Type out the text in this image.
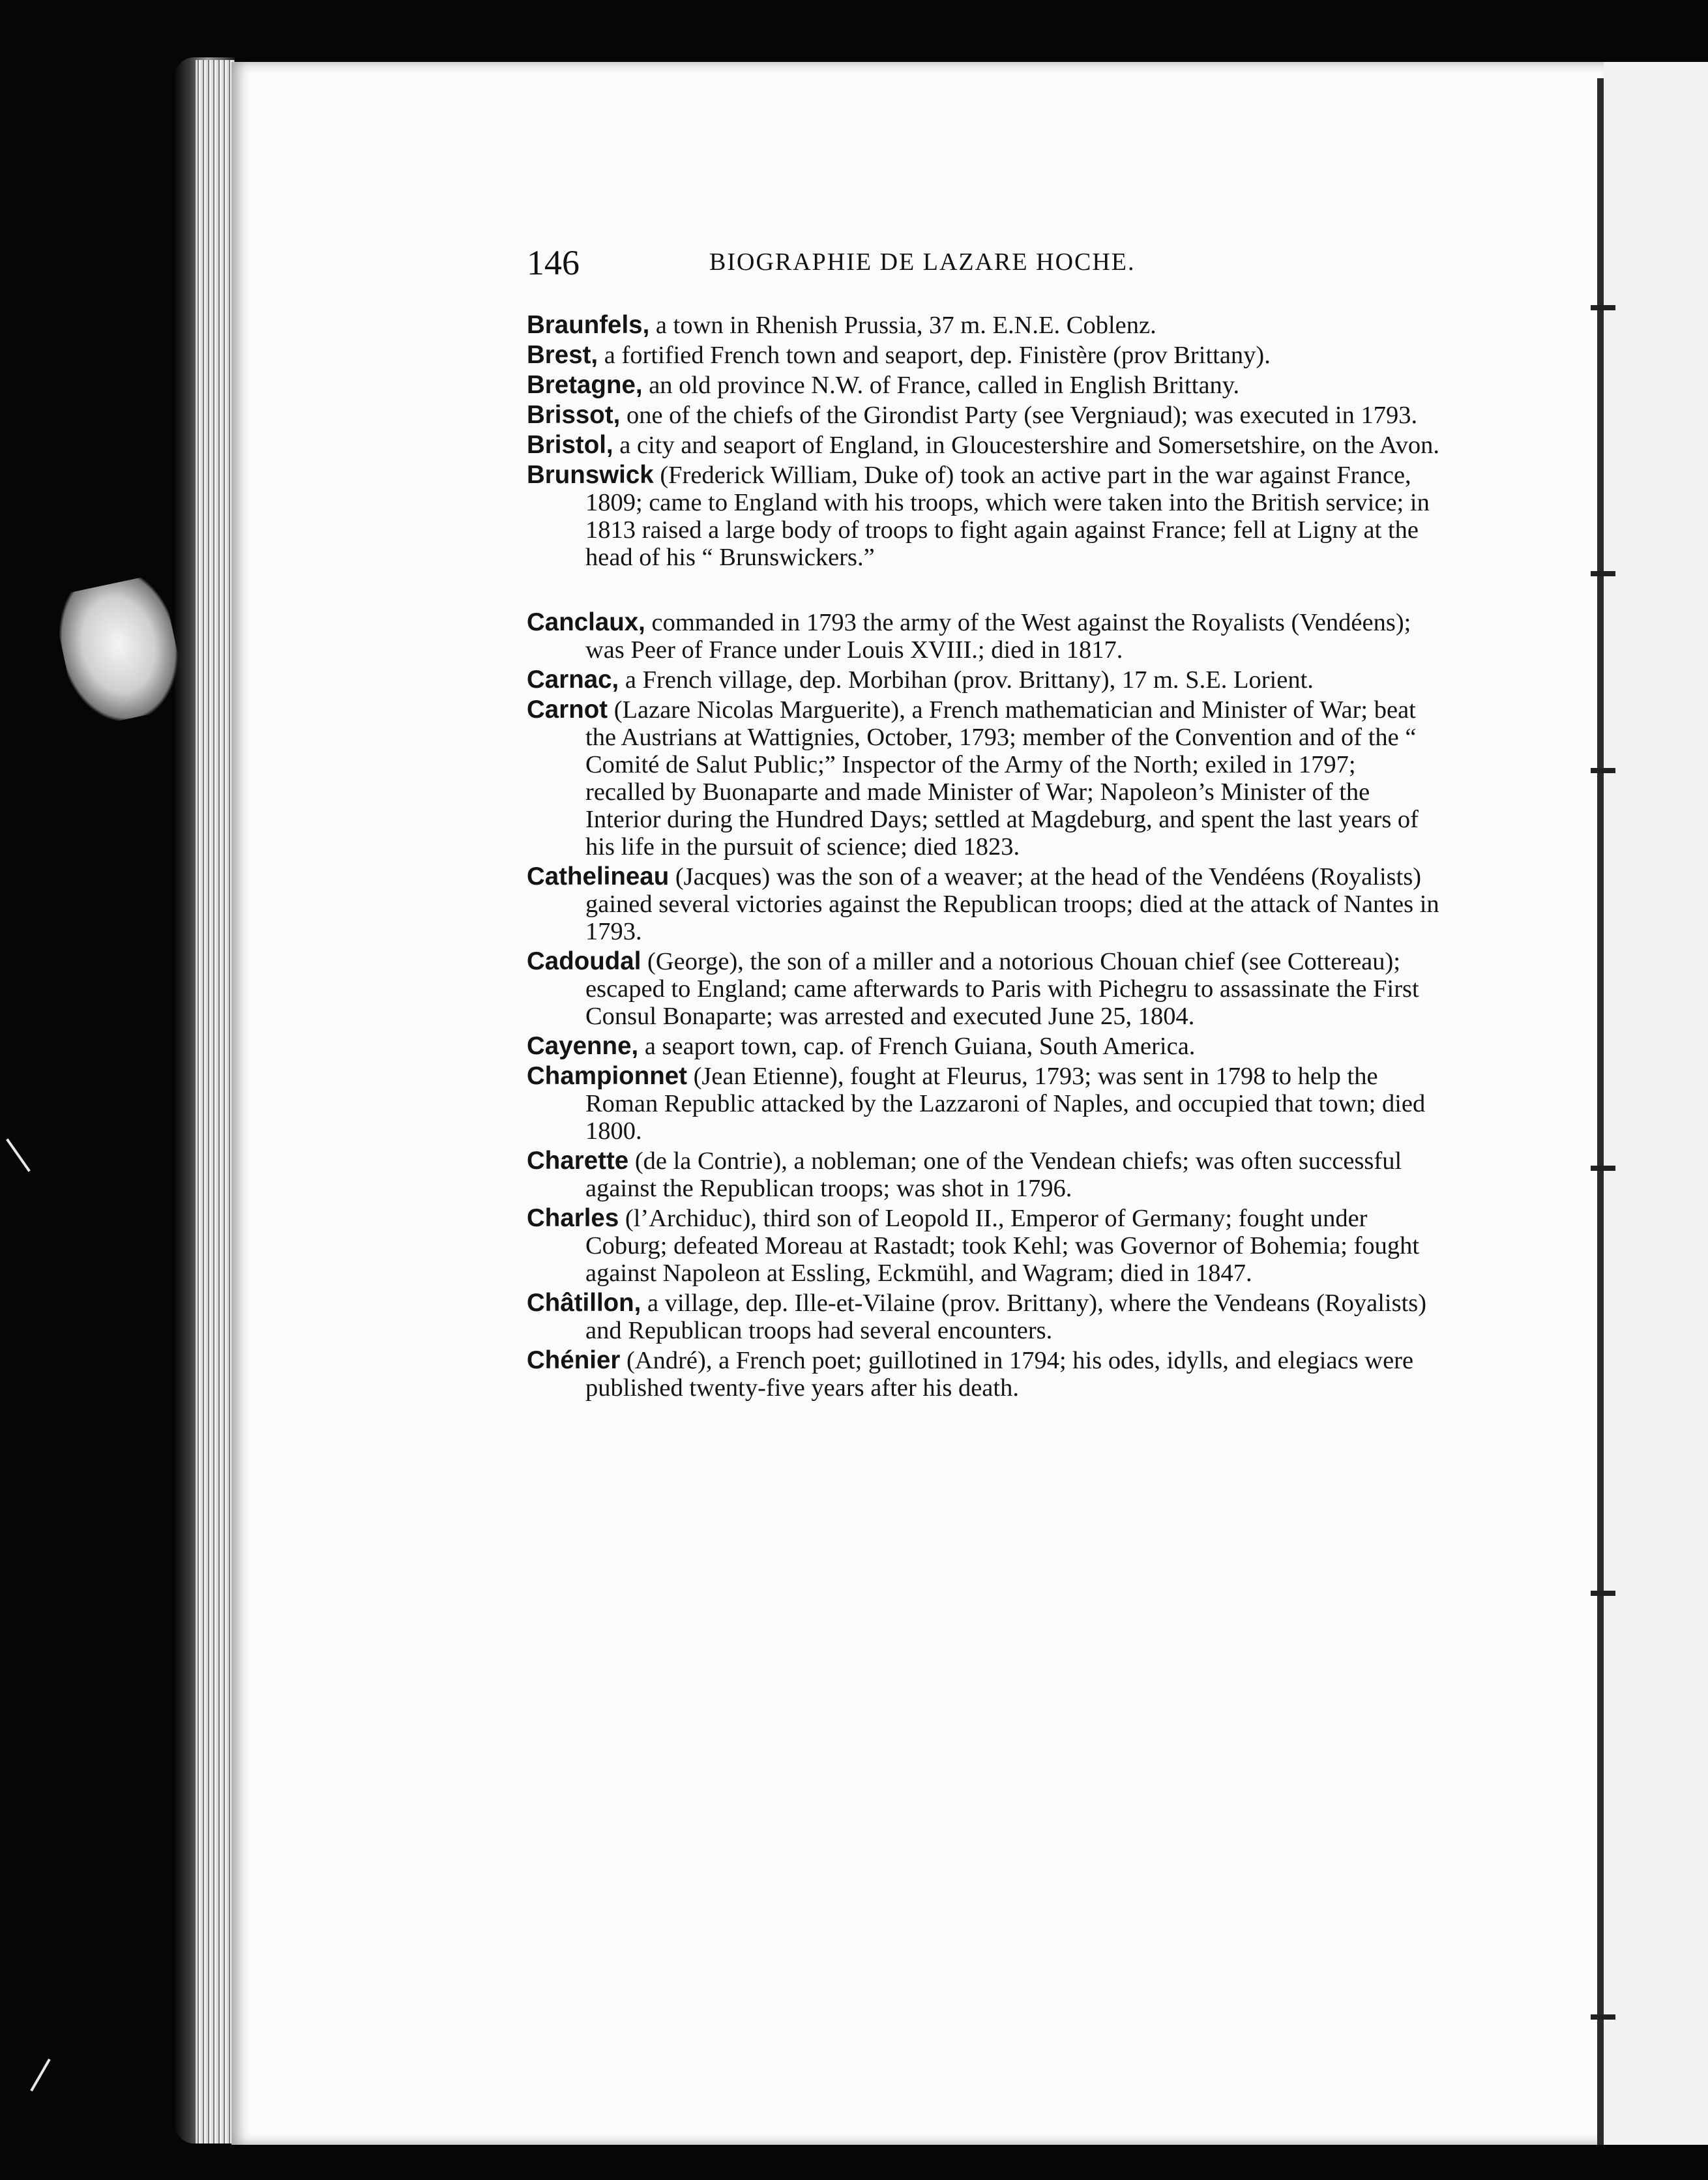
146	BIOGRAPHIE DE LAZARE HOCHE.

Braunfels, a town in Rhenish Prussia, 37 m. E.N.E. Coblenz.

Brest, a fortified French town and seaport, dep. Finistère (prov Brittany).

Bretagne, an old province N.W. of France, called in English Brittany.

Brissot, one of the chiefs of the Girondist Party (see Vergniaud); was executed in 1793.

Bristol, a city and seaport of England, in Gloucestershire and Somersetshire, on the Avon.

Brunswick (Frederick William, Duke of) took an active part in the war against France, 1809; came to England with his troops, which were taken into the British service; in 1813 raised a large body of troops to fight again against France; fell at Ligny at the head of his “ Brunswickers.”

Canclaux, commanded in 1793 the army of the West against the Royalists (Vendéens); was Peer of France under Louis XVIII.; died in 1817.

Carnac, a French village, dep. Morbihan (prov. Brittany), 17 m. S.E. Lorient.

Carnot (Lazare Nicolas Marguerite), a French mathematician and Minister of War; beat the Austrians at Wattignies, October, 1793; member of the Convention and of the “ Comité de Salut Public;” Inspector of the Army of the North; exiled in 1797; recalled by Buonaparte and made Minister of War; Napoleon’s Minister of the Interior during the Hundred Days; settled at Magdeburg, and spent the last years of his life in the pursuit of science; died 1823.

Cathelineau (Jacques) was the son of a weaver; at the head of the Vendéens (Royalists) gained several victories against the Republican troops; died at the attack of Nantes in 1793.

Cadoudal (George), the son of a miller and a notorious Chouan chief (see Cottereau); escaped to England; came afterwards to Paris with Pichegru to assassinate the First Consul Bonaparte; was arrested and executed June 25, 1804.

Cayenne, a seaport town, cap. of French Guiana, South America.

Championnet (Jean Etienne), fought at Fleurus, 1793; was sent in 1798 to help the Roman Republic attacked by the Lazzaroni of Naples, and occupied that town; died 1800.

Charette (de la Contrie), a nobleman; one of the Vendean chiefs; was often successful against the Republican troops; was shot in 1796.

Charles (l’Archiduc), third son of Leopold II., Emperor of Germany; fought under Coburg; defeated Moreau at Rastadt; took Kehl; was Governor of Bohemia; fought against Napoleon at Essling, Eckmühl, and Wagram; died in 1847.

Châtillon, a village, dep. Ille-et-Vilaine (prov. Brittany), where the Vendeans (Royalists) and Republican troops had several encounters.

Chénier (André), a French poet; guillotined in 1794; his odes, idylls, and elegiacs were published twenty-five years after his death.
